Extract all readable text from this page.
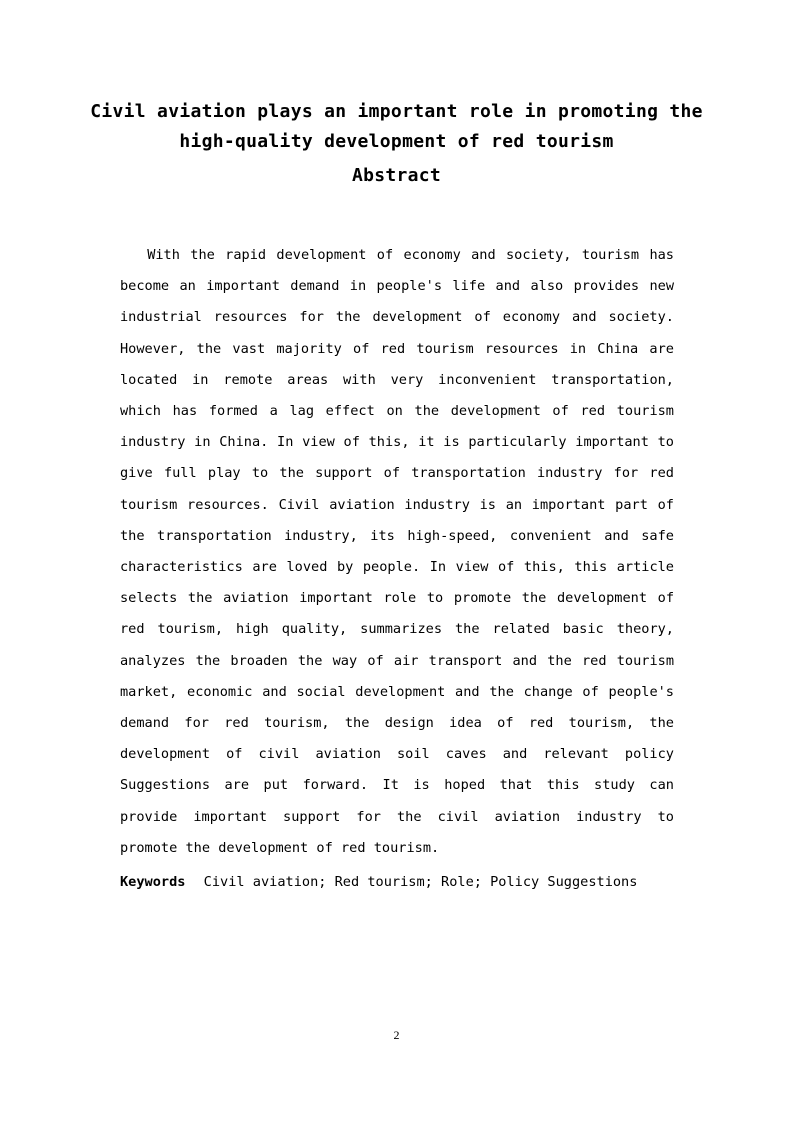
Civil aviation plays an important role in promoting the
high-quality development of red tourism
Abstract

With the rapid development of economy and society, tourism has become an important demand in people's life and also provides new industrial resources for the development of economy and society. However, the vast majority of red tourism resources in China are located in remote areas with very inconvenient transportation, which has formed a lag effect on the development of red tourism industry in China. In view of this, it is particularly important to give full play to the support of transportation industry for red tourism resources. Civil aviation industry is an important part of the transportation industry, its high-speed, convenient and safe characteristics are loved by people. In view of this, this article selects the aviation important role to promote the development of red tourism, high quality, summarizes the related basic theory, analyzes the broaden the way of air transport and the red tourism market, economic and social development and the change of people's demand for red tourism, the design idea of red tourism, the development of civil aviation soil caves and relevant policy Suggestions are put forward. It is hoped that this study can provide important support for the civil aviation industry to promote the development of red tourism.

Keywords Civil aviation; Red tourism; Role; Policy Suggestions

2
